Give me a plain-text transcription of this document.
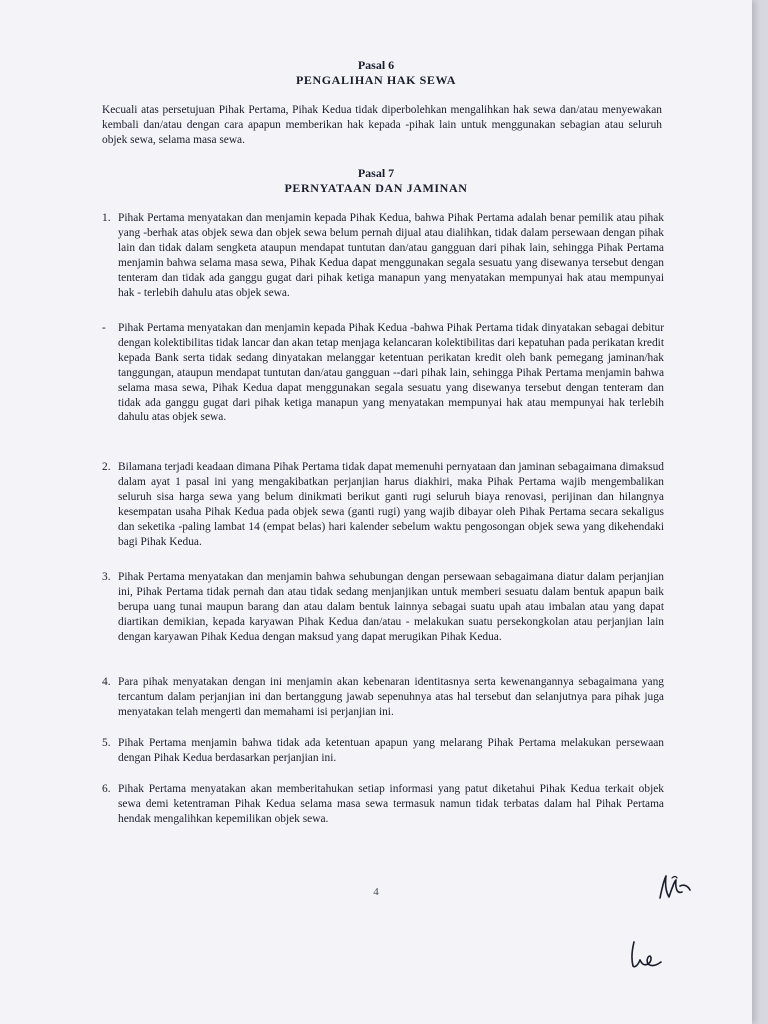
Pasal 6
PENGALIHAN HAK SEWA
Kecuali atas persetujuan Pihak Pertama, Pihak Kedua tidak diperbolehkan mengalihkan hak sewa dan/atau menyewakan kembali dan/atau dengan cara apapun memberikan hak kepada -pihak lain untuk menggunakan sebagian atau seluruh objek sewa, selama masa sewa.
Pasal 7
PERNYATAAN DAN JAMINAN
1. Pihak Pertama menyatakan dan menjamin kepada Pihak Kedua, bahwa Pihak Pertama adalah benar pemilik atau pihak yang -berhak atas objek sewa dan objek sewa belum pernah dijual atau dialihkan, tidak dalam persewaan dengan pihak lain dan tidak dalam sengketa ataupun mendapat tuntutan dan/atau gangguan dari pihak lain, sehingga Pihak Pertama menjamin bahwa selama masa sewa, Pihak Kedua dapat menggunakan segala sesuatu yang disewanya tersebut dengan tenteram dan tidak ada ganggu gugat dari pihak ketiga manapun yang menyatakan mempunyai hak atau mempunyai hak - terlebih dahulu atas objek sewa.
-	Pihak Pertama menyatakan dan menjamin kepada Pihak Kedua -bahwa Pihak Pertama tidak dinyatakan sebagai debitur dengan kolektibilitas tidak lancar dan akan tetap menjaga kelancaran kolektibilitas dari kepatuhan pada perikatan kredit kepada Bank serta tidak sedang dinyatakan melanggar ketentuan perikatan kredit oleh bank pemegang jaminan/hak tanggungan, ataupun mendapat tuntutan dan/atau gangguan --dari pihak lain, sehingga Pihak Pertama menjamin bahwa selama masa sewa, Pihak Kedua dapat menggunakan segala sesuatu yang disewanya tersebut dengan tenteram dan tidak ada ganggu gugat dari pihak ketiga manapun yang menyatakan mempunyai hak atau mempunyai hak terlebih dahulu atas objek sewa.
2. Bilamana terjadi keadaan dimana Pihak Pertama tidak dapat memenuhi pernyataan dan jaminan sebagaimana dimaksud dalam ayat 1 pasal ini yang mengakibatkan perjanjian harus diakhiri, maka Pihak Pertama wajib mengembalikan seluruh sisa harga sewa yang belum dinikmati berikut ganti rugi seluruh biaya renovasi, perijinan dan hilangnya kesempatan usaha Pihak Kedua pada objek sewa (ganti rugi) yang wajib dibayar oleh Pihak Pertama secara sekaligus dan seketika -paling lambat 14 (empat belas) hari kalender sebelum waktu pengosongan objek sewa yang dikehendaki bagi Pihak Kedua.
3. Pihak Pertama menyatakan dan menjamin bahwa sehubungan dengan persewaan sebagaimana diatur dalam perjanjian ini, Pihak Pertama tidak pernah dan atau tidak sedang menjanjikan untuk memberi sesuatu dalam bentuk apapun baik berupa uang tunai maupun barang dan atau dalam bentuk lainnya sebagai suatu upah atau imbalan atau yang dapat diartikan demikian, kepada karyawan Pihak Kedua dan/atau - melakukan suatu persekongkolan atau perjanjian lain dengan karyawan Pihak Kedua dengan maksud yang dapat merugikan Pihak Kedua.
4. Para pihak menyatakan dengan ini menjamin akan kebenaran identitasnya serta kewenangannya sebagaimana yang tercantum dalam perjanjian ini dan bertanggung jawab sepenuhnya atas hal tersebut dan selanjutnya para pihak juga menyatakan telah mengerti dan memahami isi perjanjian ini.
5. Pihak Pertama menjamin bahwa tidak ada ketentuan apapun yang melarang Pihak Pertama melakukan persewaan dengan Pihak Kedua berdasarkan perjanjian ini.
6. Pihak Pertama menyatakan akan memberitahukan setiap informasi yang patut diketahui Pihak Kedua terkait objek sewa demi ketentraman Pihak Kedua selama masa sewa termasuk namun tidak terbatas dalam hal Pihak Pertama hendak mengalihkan kepemilikan objek sewa.
4
